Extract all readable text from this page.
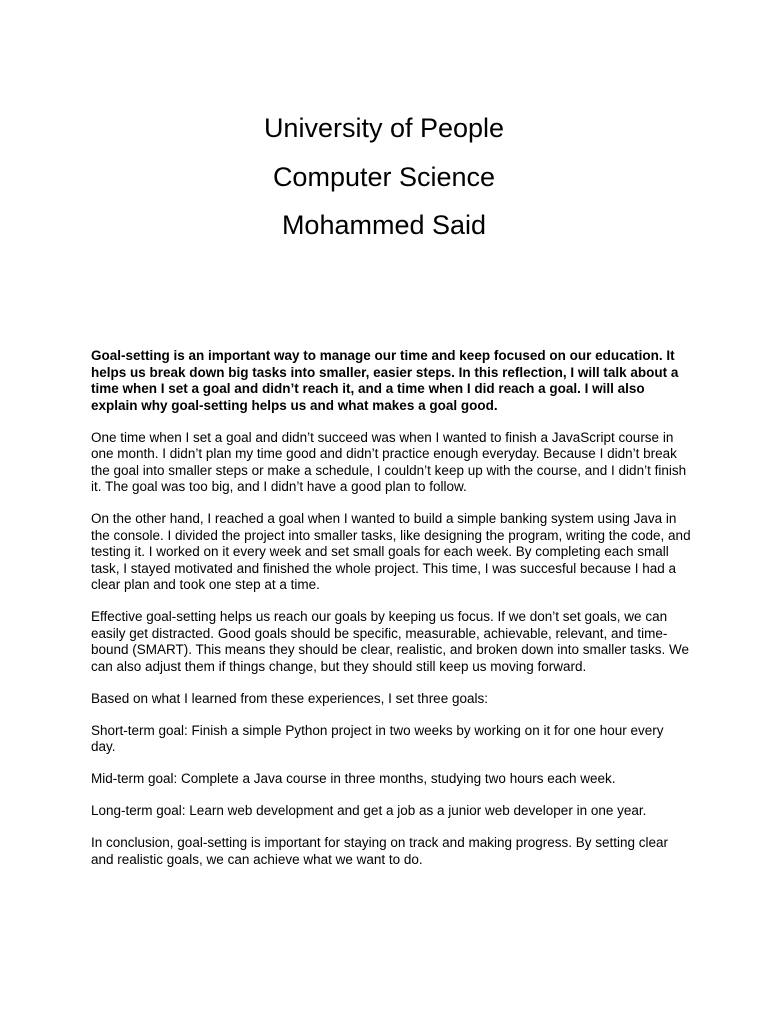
University of People
Computer Science
Mohammed Said

Goal-setting is an important way to manage our time and keep focused on our education. It helps us break down big tasks into smaller, easier steps. In this reflection, I will talk about a time when I set a goal and didn’t reach it, and a time when I did reach a goal. I will also explain why goal-setting helps us and what makes a goal good.

One time when I set a goal and didn’t succeed was when I wanted to finish a JavaScript course in one month. I didn’t plan my time good and didn’t practice enough everyday. Because I didn’t break the goal into smaller steps or make a schedule, I couldn’t keep up with the course, and I didn’t finish it. The goal was too big, and I didn’t have a good plan to follow.

On the other hand, I reached a goal when I wanted to build a simple banking system using Java in the console. I divided the project into smaller tasks, like designing the program, writing the code, and testing it. I worked on it every week and set small goals for each week. By completing each small task, I stayed motivated and finished the whole project. This time, I was succesful because I had a clear plan and took one step at a time.

Effective goal-setting helps us reach our goals by keeping us focus. If we don’t set goals, we can easily get distracted. Good goals should be specific, measurable, achievable, relevant, and time-bound (SMART). This means they should be clear, realistic, and broken down into smaller tasks. We can also adjust them if things change, but they should still keep us moving forward.

Based on what I learned from these experiences, I set three goals:

Short-term goal: Finish a simple Python project in two weeks by working on it for one hour every day.

Mid-term goal: Complete a Java course in three months, studying two hours each week.

Long-term goal: Learn web development and get a job as a junior web developer in one year.

In conclusion, goal-setting is important for staying on track and making progress. By setting clear and realistic goals, we can achieve what we want to do.
